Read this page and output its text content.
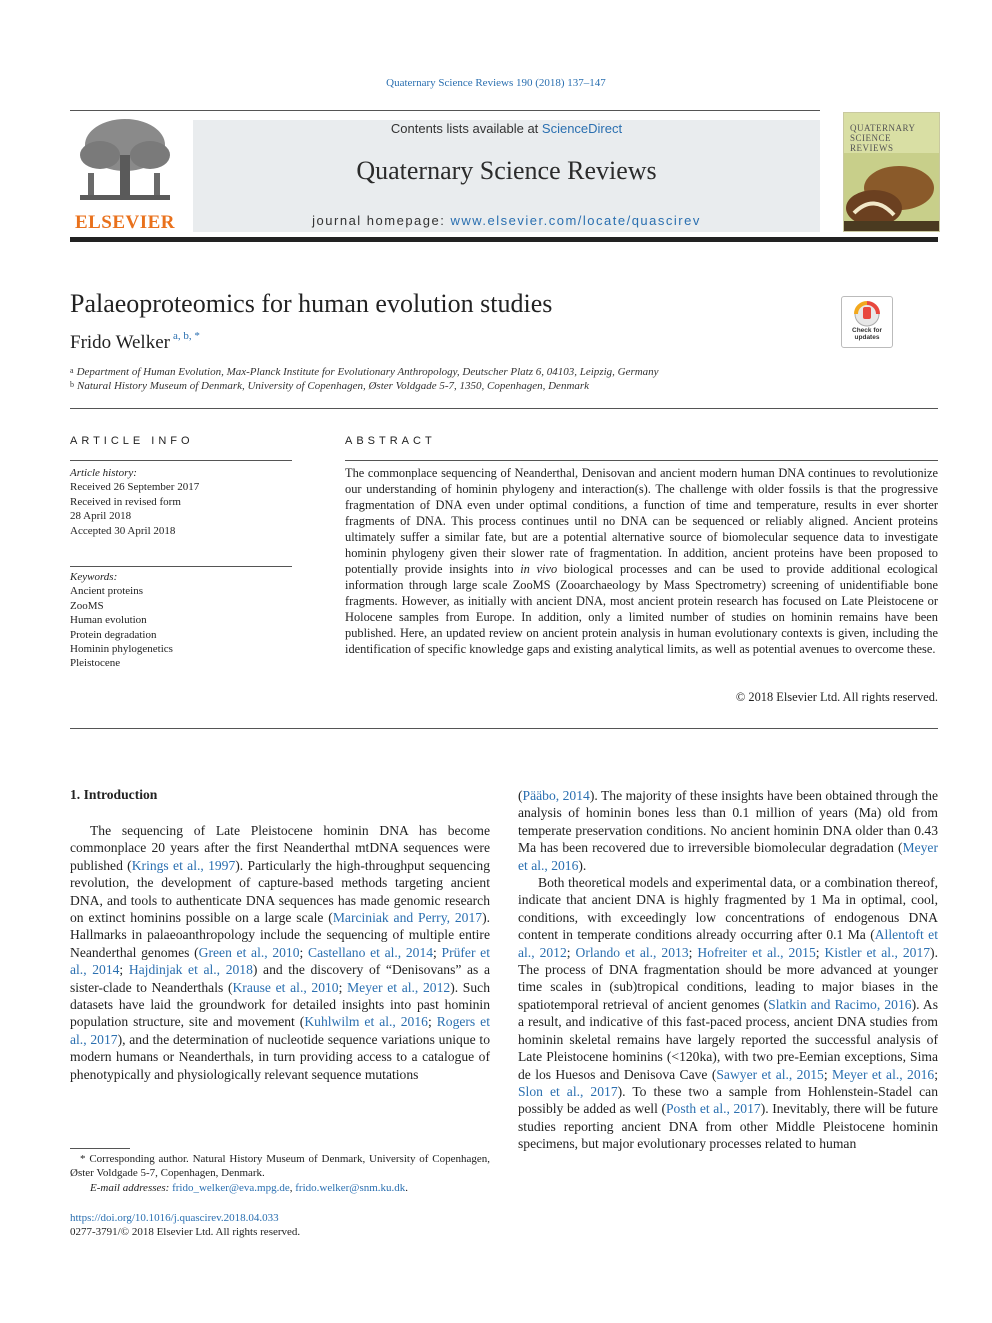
Quaternary Science Reviews 190 (2018) 137–147
ELSEVIER
Contents lists available at ScienceDirect
Quaternary Science Reviews
journal homepage: www.elsevier.com/locate/quascirev
QUATERNARY SCIENCE REVIEWS
Palaeoproteomics for human evolution studies
Frido Welker $^{a, b, *}$
$^a$ Department of Human Evolution, Max-Planck Institute for Evolutionary Anthropology, Deutscher Platz 6, 04103, Leipzig, Germany
$^b$ Natural History Museum of Denmark, University of Copenhagen, Øster Voldgade 5-7, 1350, Copenhagen, Denmark
Check for updates
ARTICLE INFO
Article history:
Received 26 September 2017
Received in revised form
28 April 2018
Accepted 30 April 2018
Keywords:
Ancient proteins
ZooMS
Human evolution
Protein degradation
Hominin phylogenetics
Pleistocene
ABSTRACT
The commonplace sequencing of Neanderthal, Denisovan and ancient modern human DNA continues to revolutionize our understanding of hominin phylogeny and interaction(s). The challenge with older fossils is that the progressive fragmentation of DNA even under optimal conditions, a function of time and temperature, results in ever shorter fragments of DNA. This process continues until no DNA can be sequenced or reliably aligned. Ancient proteins ultimately suffer a similar fate, but are a potential alternative source of biomolecular sequence data to investigate hominin phylogeny given their slower rate of fragmentation. In addition, ancient proteins have been proposed to potentially provide insights into in vivo biological processes and can be used to provide additional ecological information through large scale ZooMS (Zooarchaeology by Mass Spectrometry) screening of unidentifiable bone fragments. However, as initially with ancient DNA, most ancient protein research has focused on Late Pleistocene or Holocene samples from Europe. In addition, only a limited number of studies on hominin remains have been published. Here, an updated review on ancient protein analysis in human evolutionary contexts is given, including the identification of specific knowledge gaps and existing analytical limits, as well as potential avenues to overcome these.
© 2018 Elsevier Ltd. All rights reserved.
1. Introduction

The sequencing of Late Pleistocene hominin DNA has become commonplace 20 years after the first Neanderthal mtDNA sequences were published (Krings et al., 1997). Particularly the high-throughput sequencing revolution, the development of capture-based methods targeting ancient DNA, and tools to authenticate DNA sequences has made genomic research on extinct hominins possible on a large scale (Marciniak and Perry, 2017). Hallmarks in palaeoanthropology include the sequencing of multiple entire Neanderthal genomes (Green et al., 2010; Castellano et al., 2014; Prüfer et al., 2014; Hajdinjak et al., 2018) and the discovery of “Denisovans” as a sister-clade to Neanderthals (Krause et al., 2010; Meyer et al., 2012). Such datasets have laid the groundwork for detailed insights into past hominin population structure, site and movement (Kuhlwilm et al., 2016; Rogers et al., 2017), and the determination of nucleotide sequence variations unique to modern humans or Neanderthals, in turn providing access to a catalogue of phenotypically and physiologically relevant sequence mutations

(Pääbo, 2014). The majority of these insights have been obtained through the analysis of hominin bones less than 0.1 million of years (Ma) old from temperate preservation conditions. No ancient hominin DNA older than 0.43 Ma has been recovered due to irreversible biomolecular degradation (Meyer et al., 2016).

Both theoretical models and experimental data, or a combination thereof, indicate that ancient DNA is highly fragmented by 1 Ma in optimal, cool, conditions, with exceedingly low concentrations of endogenous DNA content in temperate conditions already occurring after 0.1 Ma (Allentoft et al., 2012; Orlando et al., 2013; Hofreiter et al., 2015; Kistler et al., 2017). The process of DNA fragmentation should be more advanced at younger time scales in (sub)tropical conditions, leading to major biases in the spatiotemporal retrieval of ancient genomes (Slatkin and Racimo, 2016). As a result, and indicative of this fast-paced process, ancient DNA studies from hominin skeletal remains have largely reported the successful analysis of Late Pleistocene hominins (<120ka), with two pre-Eemian exceptions, Sima de los Huesos and Denisova Cave (Sawyer et al., 2015; Meyer et al., 2016; Slon et al., 2017). To these two a sample from Hohlenstein-Stadel can possibly be added as well (Posth et al., 2017). Inevitably, there will be future studies reporting ancient DNA from other Middle Pleistocene hominin specimens, but major evolutionary processes related to human

* Corresponding author. Natural History Museum of Denmark, University of Copenhagen, Øster Voldgade 5-7, Copenhagen, Denmark.
E-mail addresses: frido_welker@eva.mpg.de, frido.welker@snm.ku.dk.
https://doi.org/10.1016/j.quascirev.2018.04.033
0277-3791/© 2018 Elsevier Ltd. All rights reserved.
